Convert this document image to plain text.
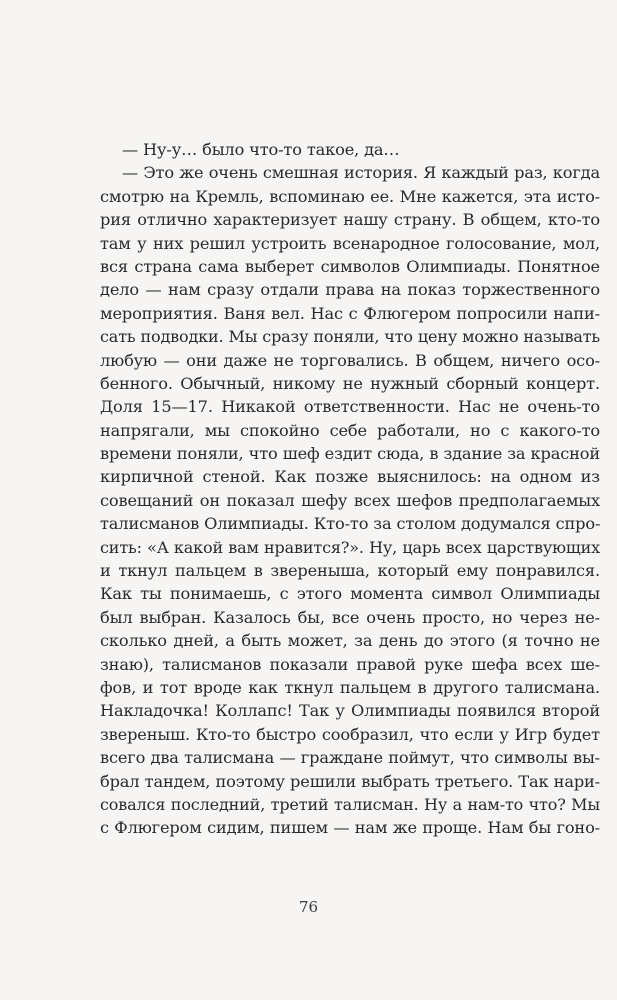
— Ну-у… было что-то такое, да…
— Это же очень смешная история. Я каждый раз, когда
смотрю на Кремль, вспоминаю ее. Мне кажется, эта исто-
рия отлично характеризует нашу страну. В общем, кто-то
там у них решил устроить всенародное голосование, мол,
вся страна сама выберет символов Олимпиады. Понятное
дело — нам сразу отдали права на показ торжественного
мероприятия. Ваня вел. Нас с Флюгером попросили напи-
сать подводки. Мы сразу поняли, что цену можно называть
любую — они даже не торговались. В общем, ничего осо-
бенного. Обычный, никому не нужный сборный концерт.
Доля 15—17. Никакой ответственности. Нас не очень-то
напрягали, мы спокойно себе работали, но с какого-то
времени поняли, что шеф ездит сюда, в здание за красной
кирпичной стеной. Как позже выяснилось: на одном из
совещаний он показал шефу всех шефов предполагаемых
талисманов Олимпиады. Кто-то за столом додумался спро-
сить: «А какой вам нравится?». Ну, царь всех царствующих
и ткнул пальцем в звереныша, который ему понравился.
Как ты понимаешь, с этого момента символ Олимпиады
был выбран. Казалось бы, все очень просто, но через не-
сколько дней, а быть может, за день до этого (я точно не
знаю), талисманов показали правой руке шефа всех ше-
фов, и тот вроде как ткнул пальцем в другого талисмана.
Накладочка! Коллапс! Так у Олимпиады появился второй
звереныш. Кто-то быстро сообразил, что если у Игр будет
всего два талисмана — граждане поймут, что символы вы-
брал тандем, поэтому решили выбрать третьего. Так нари-
совался последний, третий талисман. Ну а нам-то что? Мы
с Флюгером сидим, пишем — нам же проще. Нам бы гоно-
76
